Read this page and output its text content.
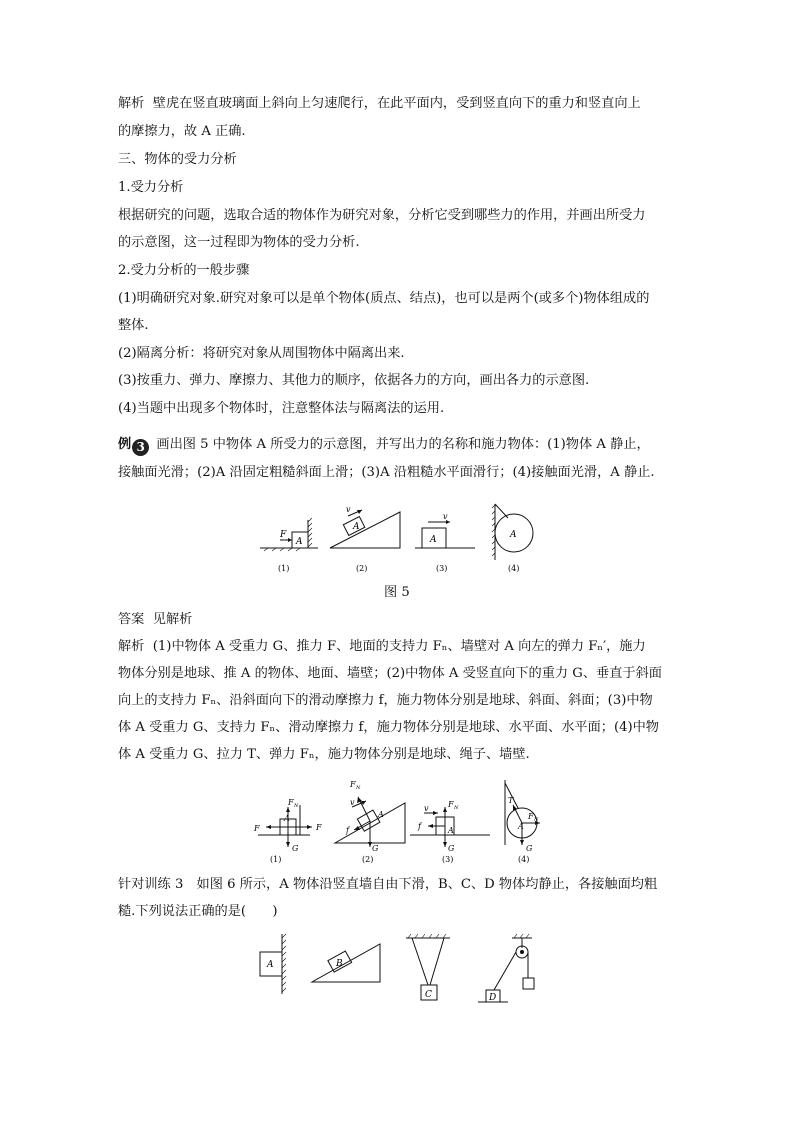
解析 壁虎在竖直玻璃面上斜向上匀速爬行，在此平面内，受到竖直向下的重力和竖直向上
的摩擦力，故 A 正确.
三、物体的受力分析
1.受力分析
根据研究的问题，选取合适的物体作为研究对象，分析它受到哪些力的作用，并画出所受力
的示意图，这一过程即为物体的受力分析.
2.受力分析的一般步骤
(1)明确研究对象.研究对象可以是单个物体(质点、结点)，也可以是两个(或多个)物体组成的
整体.
(2)隔离分析：将研究对象从周围物体中隔离出来.
(3)按重力、弹力、摩擦力、其他力的顺序，依据各力的方向，画出各力的示意图.
(4)当题中出现多个物体时，注意整体法与隔离法的运用.
例 3 画出图 5 中物体 A 所受力的示意图，并写出力的名称和施力物体：(1)物体 A 静止，
接触面光滑；(2)A 沿固定粗糙斜面上滑；(3)A 沿粗糙水平面滑行；(4)接触面光滑，A 静止.
A
F
A
v
A
v
A
(1)	(2)	(3)	(4)
图 5
答案 见解析
解析 (1)中物体 A 受重力 G、推力 F、地面的支持力 Fₙ、墙壁对 A 向左的弹力 Fₙ′，施力
物体分别是地球、推 A 的物体、地面、墙壁；(2)中物体 A 受竖直向下的重力 G、垂直于斜面
向上的支持力 Fₙ、沿斜面向下的滑动摩擦力 f，施力物体分别是地球、斜面、斜面；(3)中物
体 A 受重力 G、支持力 Fₙ、滑动摩擦力 f，施力物体分别是地球、水平面、水平面；(4)中物
体 A 受重力 G、拉力 T、弹力 Fₙ，施力物体分别是地球、绳子、墙壁.
F N
A
F	F
G
F N
v
A
f
G
v F N
f	A
G
T
F N
A
G
(1)	(2)	(3)	(4)
针对训练 3　如图 6 所示，A 物体沿竖直墙自由下滑，B、C、D 物体均静止，各接触面均粗
糙.下列说法正确的是(　　)
A	B
C	D
